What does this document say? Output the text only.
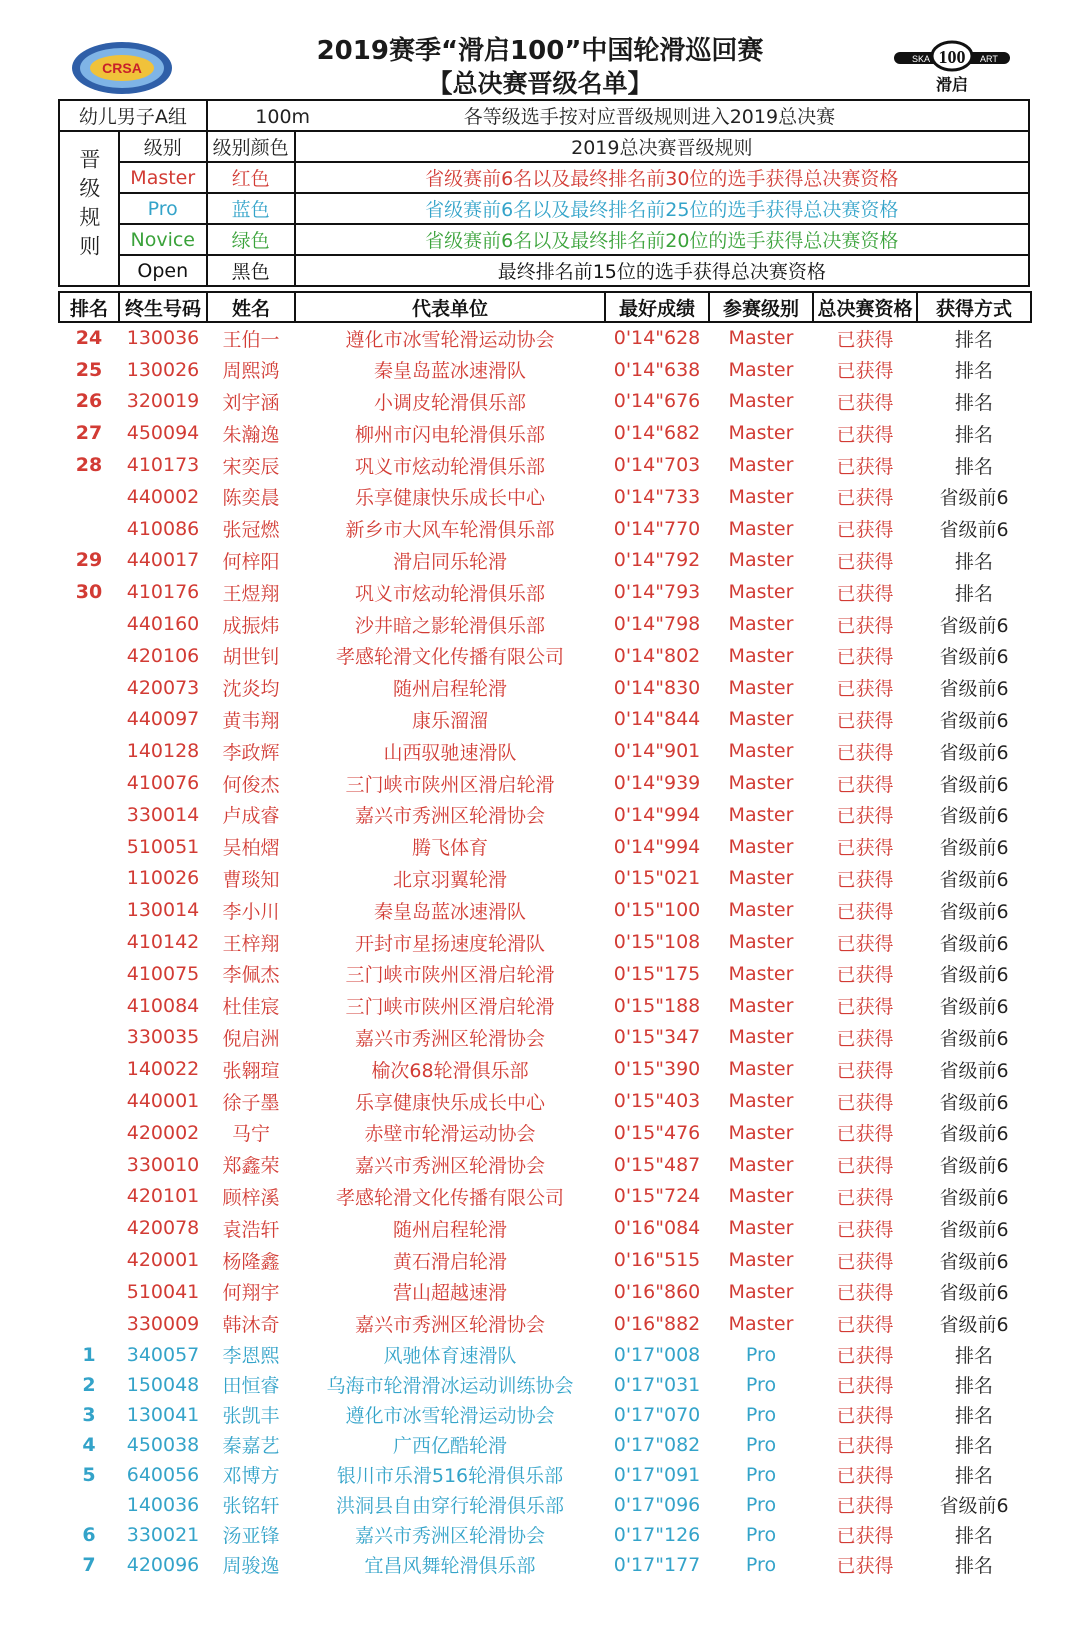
CRSA
2019赛季“滑启100”中国轮滑巡回赛
【总决赛晋级名单】
SKA	ART
100
滑启
幼儿男子A组		100m 各等级选手按对应晋级规则进入2019总决赛	
晋级规则	级别	级别颜色	2019总决赛晋级规则
	Master	红色	省级赛前6名以及最终排名前30位的选手获得总决赛资格
	Pro	蓝色	省级赛前6名以及最终排名前25位的选手获得总决赛资格
	Novice	绿色	省级赛前6名以及最终排名前20位的选手获得总决赛资格
	Open	黑色	最终排名前15位的选手获得总决赛资格
排名	终生号码	姓名	代表单位	最好成绩	参赛级别	总决赛资格	获得方式
24	130036	王伯一	遵化市冰雪轮滑运动协会	0'14"628	Master	已获得	排名
25	130026	周熙鸿	秦皇岛蓝冰速滑队	0'14"638	Master	已获得	排名
26	320019	刘宇涵	小调皮轮滑俱乐部	0'14"676	Master	已获得	排名
27	450094	朱瀚逸	柳州市闪电轮滑俱乐部	0'14"682	Master	已获得	排名
28	410173	宋奕辰	巩义市炫动轮滑俱乐部	0'14"703	Master	已获得	排名
	440002	陈奕晨	乐享健康快乐成长中心	0'14"733	Master	已获得	省级前6
	410086	张冠燃	新乡市大风车轮滑俱乐部	0'14"770	Master	已获得	省级前6
29	440017	何梓阳	滑启同乐轮滑	0'14"792	Master	已获得	排名
30	410176	王煜翔	巩义市炫动轮滑俱乐部	0'14"793	Master	已获得	排名
	440160	成振炜	沙井暗之影轮滑俱乐部	0'14"798	Master	已获得	省级前6
	420106	胡世钊	孝感轮滑文化传播有限公司	0'14"802	Master	已获得	省级前6
	420073	沈炎均	随州启程轮滑	0'14"830	Master	已获得	省级前6
	440097	黄韦翔	康乐溜溜	0'14"844	Master	已获得	省级前6
	140128	李政辉	山西驭驰速滑队	0'14"901	Master	已获得	省级前6
	410076	何俊杰	三门峡市陕州区滑启轮滑	0'14"939	Master	已获得	省级前6
	330014	卢成睿	嘉兴市秀洲区轮滑协会	0'14"994	Master	已获得	省级前6
	510051	吴柏熠	腾飞体育	0'14"994	Master	已获得	省级前6
	110026	曹琰知	北京羽翼轮滑	0'15"021	Master	已获得	省级前6
	130014	李小川	秦皇岛蓝冰速滑队	0'15"100	Master	已获得	省级前6
	410142	王梓翔	开封市星扬速度轮滑队	0'15"108	Master	已获得	省级前6
	410075	李佩杰	三门峡市陕州区滑启轮滑	0'15"175	Master	已获得	省级前6
	410084	杜佳宸	三门峡市陕州区滑启轮滑	0'15"188	Master	已获得	省级前6
	330035	倪启洲	嘉兴市秀洲区轮滑协会	0'15"347	Master	已获得	省级前6
	140022	张翱瑄	榆次68轮滑俱乐部	0'15"390	Master	已获得	省级前6
	440001	徐子墨	乐享健康快乐成长中心	0'15"403	Master	已获得	省级前6
	420002	马宁	赤壁市轮滑运动协会	0'15"476	Master	已获得	省级前6
	330010	郑鑫荣	嘉兴市秀洲区轮滑协会	0'15"487	Master	已获得	省级前6
	420101	顾梓溪	孝感轮滑文化传播有限公司	0'15"724	Master	已获得	省级前6
	420078	袁浩轩	随州启程轮滑	0'16"084	Master	已获得	省级前6
	420001	杨隆鑫	黄石滑启轮滑	0'16"515	Master	已获得	省级前6
	510041	何翔宇	营山超越速滑	0'16"860	Master	已获得	省级前6
	330009	韩沐奇	嘉兴市秀洲区轮滑协会	0'16"882	Master	已获得	省级前6
1	340057	李恩熙	风驰体育速滑队	0'17"008	Pro	已获得	排名
2	150048	田恒睿	乌海市轮滑滑冰运动训练协会	0'17"031	Pro	已获得	排名
3	130041	张凯丰	遵化市冰雪轮滑运动协会	0'17"070	Pro	已获得	排名
4	450038	秦嘉艺	广西亿酷轮滑	0'17"082	Pro	已获得	排名
5	640056	邓博方	银川市乐滑516轮滑俱乐部	0'17"091	Pro	已获得	排名
	140036	张铭轩	洪洞县自由穿行轮滑俱乐部	0'17"096	Pro	已获得	省级前6
6	330021	汤亚锋	嘉兴市秀洲区轮滑协会	0'17"126	Pro	已获得	排名
7	420096	周骏逸	宜昌风舞轮滑俱乐部	0'17"177	Pro	已获得	排名
